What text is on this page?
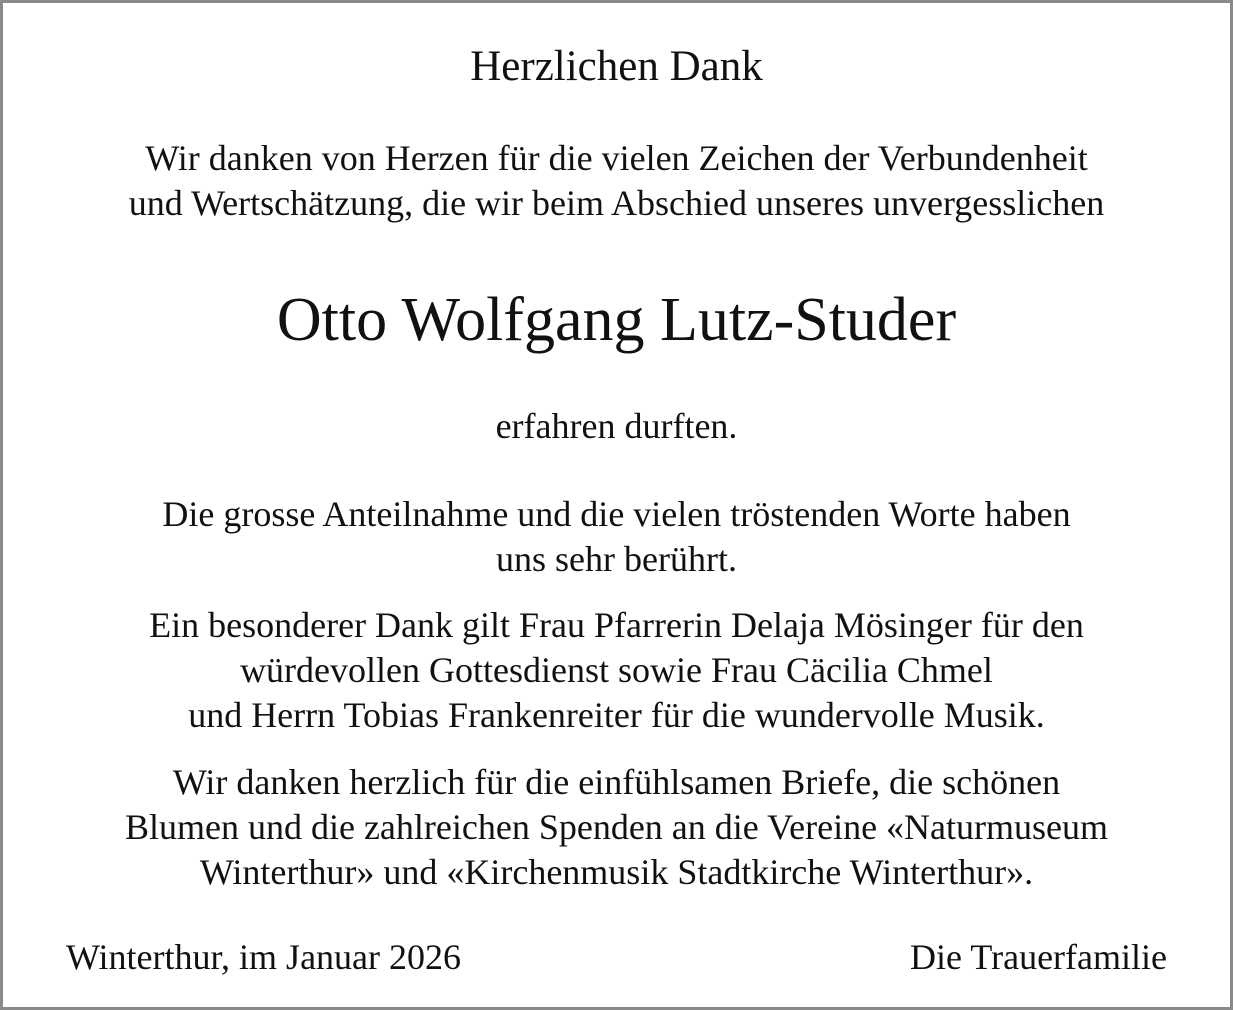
Herzlichen Dank
Wir danken von Herzen für die vielen Zeichen der Verbundenheit
und Wertschätzung, die wir beim Abschied unseres unvergesslichen
Otto Wolfgang Lutz-Studer
erfahren durften.
Die grosse Anteilnahme und die vielen tröstenden Worte haben
uns sehr berührt.
Ein besonderer Dank gilt Frau Pfarrerin Delaja Mösinger für den
würdevollen Gottesdienst sowie Frau Cäcilia Chmel
und Herrn Tobias Frankenreiter für die wundervolle Musik.
Wir danken herzlich für die einfühlsamen Briefe, die schönen
Blumen und die zahlreichen Spenden an die Vereine «Naturmuseum
Winterthur» und «Kirchenmusik Stadtkirche Winterthur».
Winterthur, im Januar 2026	Die Trauerfamilie
